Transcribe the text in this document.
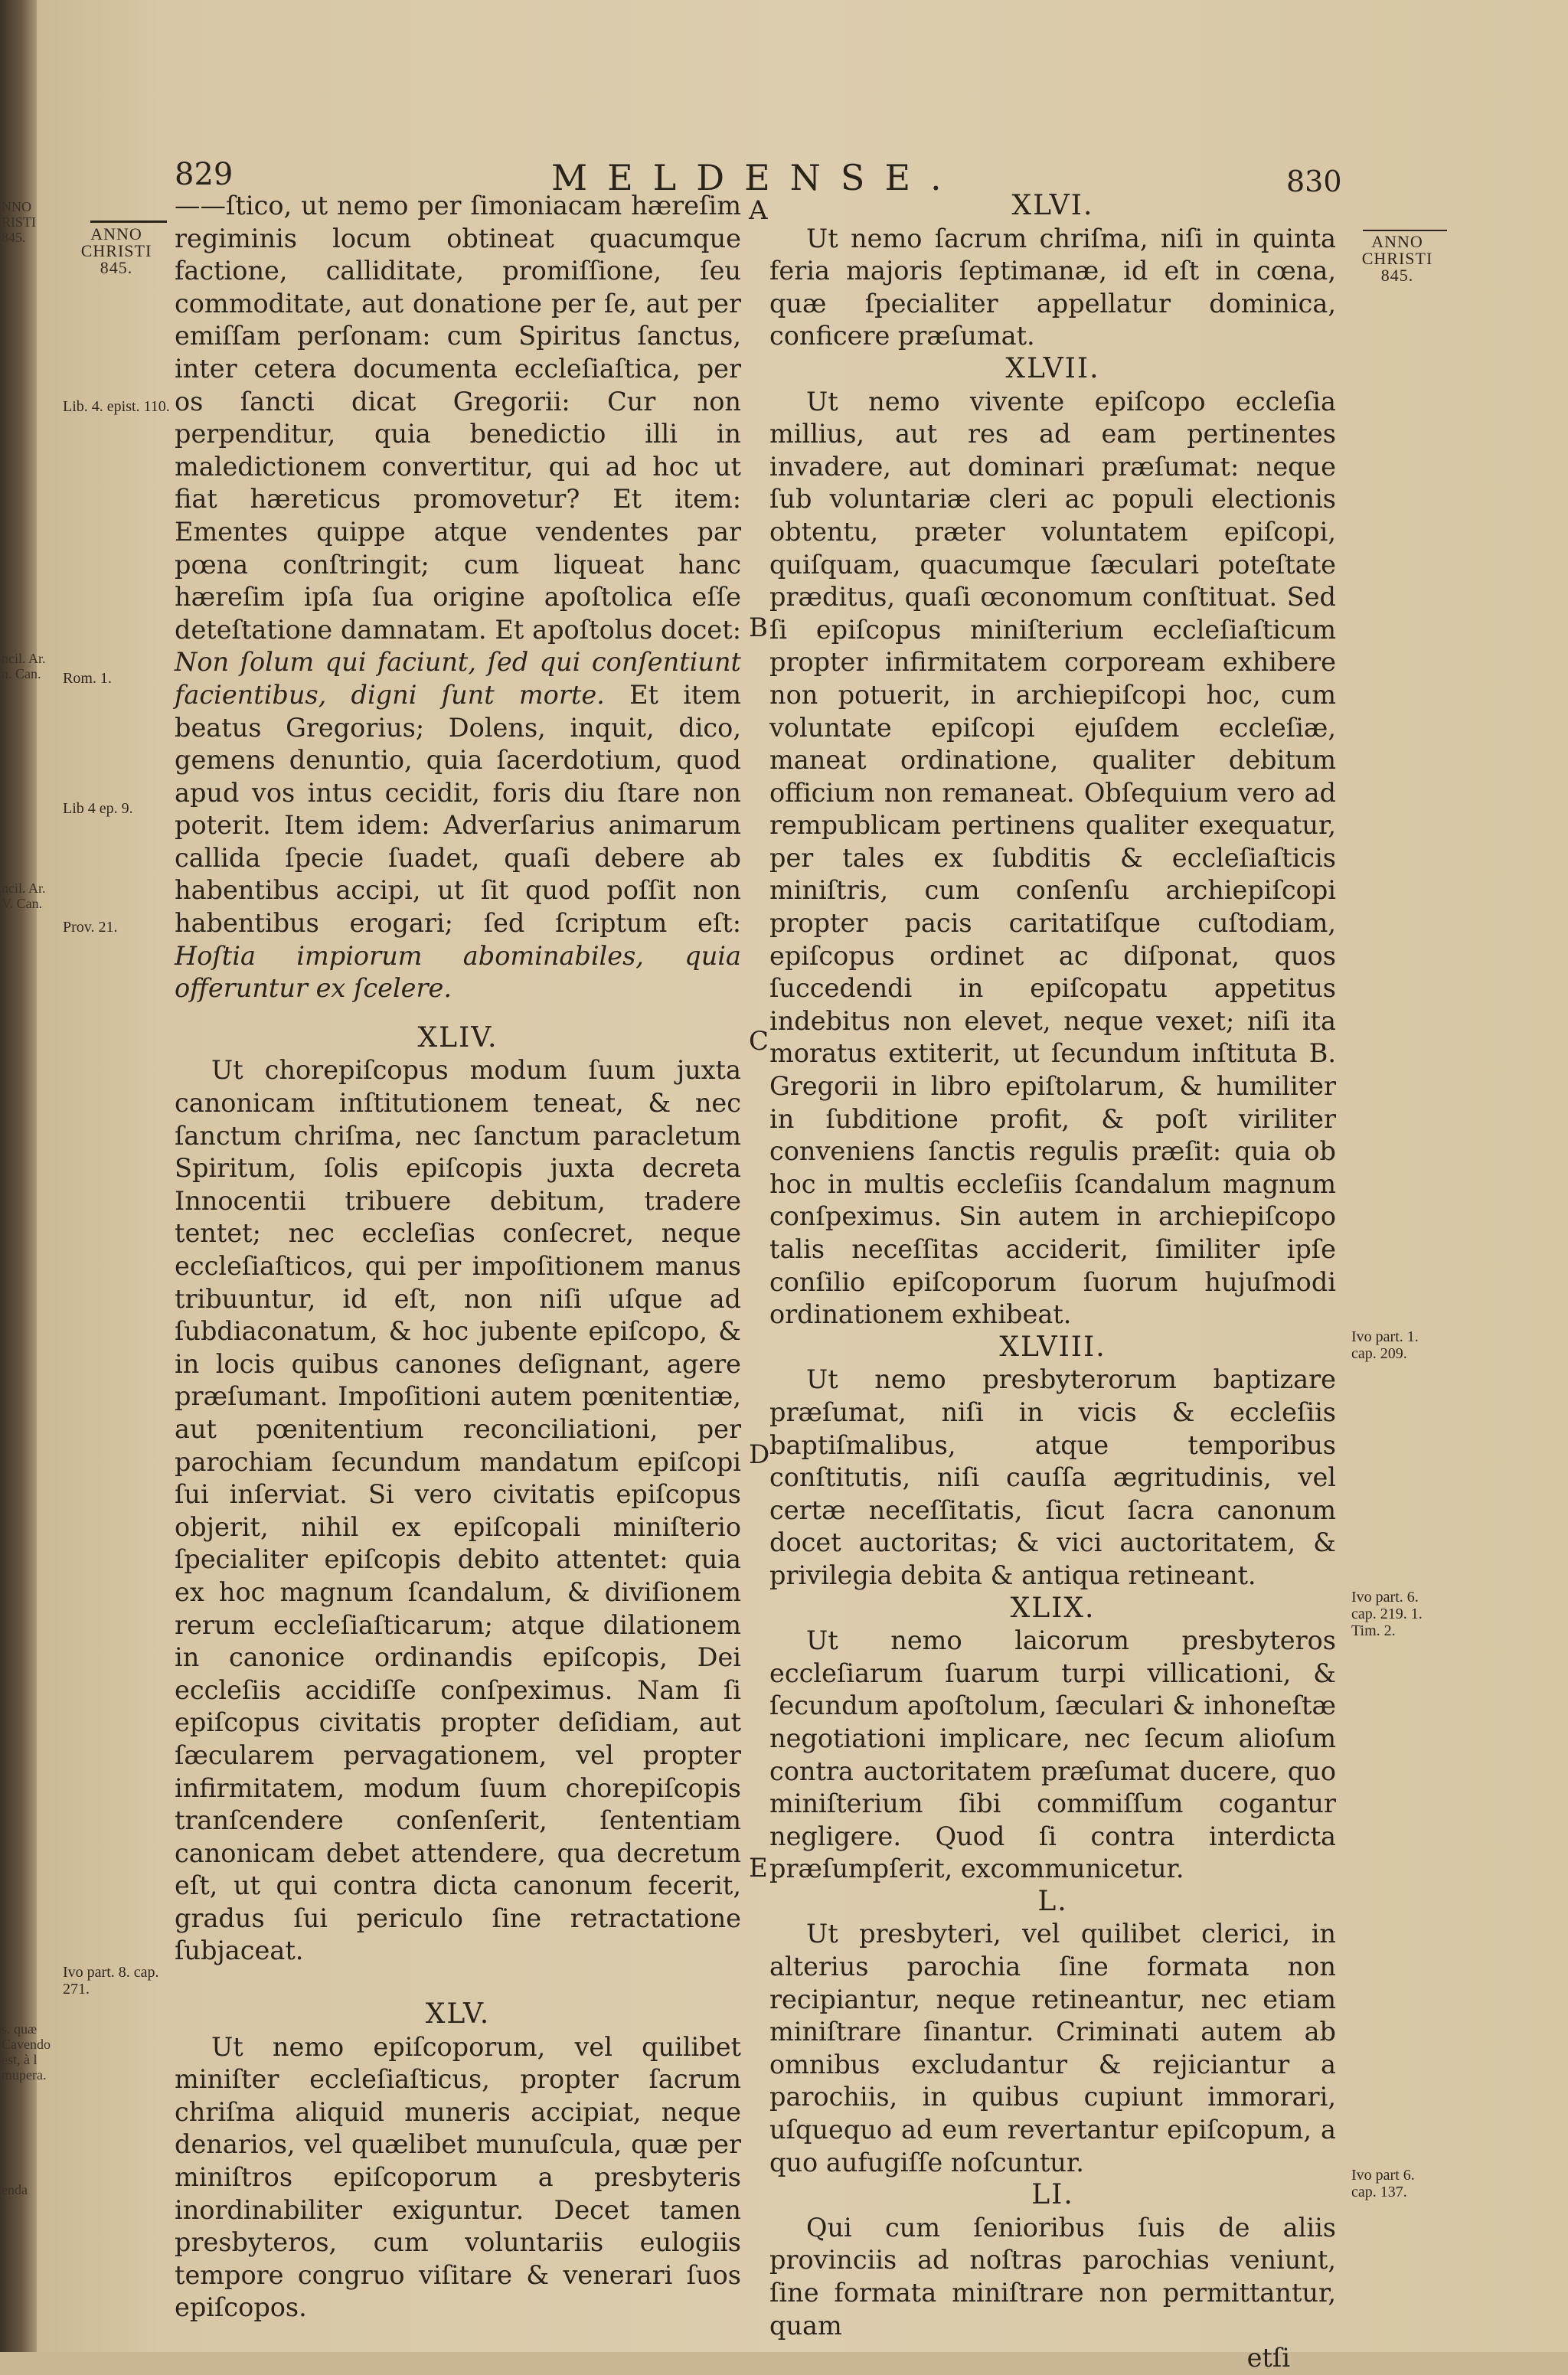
NNO RISTI 845.
ncil. Ar. n. Can.
ncil. Ar. V. Can.
s. quæ Cavendo est, à l mupera.
enda
829	MELDENSE.	830
ANNO
CHRISTI
845.
Lib. 4. epist. 110.
Rom. 1.
Lib 4 ep. 9.
Prov. 21.
Ivo part. 8. cap. 271.
ANNO
CHRISTI
845.
Ivo part. 1. cap. 209.
Ivo part. 6. cap. 219. 1. Tim. 2.
Ivo part 6. cap. 137.
A
B
C
D
E

——ſtico, ut nemo per ſimoniacam hæreſim regiminis locum obtineat quacumque factione, calliditate, promiſſione, ſeu commoditate, aut donatione per ſe, aut per emiſſam perſonam: cum Spiritus ſanctus, inter cetera documenta eccleſiaſtica, per os ſancti dicat Gregorii: Cur non perpenditur, quia benedictio illi in maledictionem convertitur, qui ad hoc ut fiat hæreticus promovetur? Et item: Ementes quippe atque vendentes par pœna conſtringit; cum liqueat hanc hæreſim ipſa ſua origine apoſtolica eſſe deteſtatione damnatam. Et apoſtolus docet: Non ſolum qui faciunt, ſed qui conſentiunt facientibus, digni ſunt morte. Et item beatus Gregorius; Dolens, inquit, dico, gemens denuntio, quia ſacerdotium, quod apud vos intus cecidit, foris diu ſtare non poterit. Item idem: Adverſarius animarum callida ſpecie ſuadet, quaſi debere ab habentibus accipi, ut ſit quod poſſit non habentibus erogari; ſed ſcriptum eſt: Hoſtia impiorum abominabiles, quia offeruntur ex ſcelere.

XLIV.

Ut chorepiſcopus modum ſuum juxta canonicam inſtitutionem teneat, & nec ſanctum chriſma, nec ſanctum paracletum Spiritum, ſolis epiſcopis juxta decreta Innocentii tribuere debitum, tradere tentet; nec eccleſias conſecret, neque eccleſiaſticos, qui per impoſitionem manus tribuuntur, id eſt, non niſi uſque ad ſubdiaconatum, & hoc jubente epiſcopo, & in locis quibus canones deſignant, agere præſumant. Impoſitioni autem pœnitentiæ, aut pœnitentium reconciliationi, per parochiam ſecundum mandatum epiſcopi ſui inſerviat. Si vero civitatis epiſcopus objerit, nihil ex epiſcopali miniſterio ſpecialiter epiſcopis debito attentet: quia ex hoc magnum ſcandalum, & diviſionem rerum eccleſiaſticarum; atque dilationem in canonice ordinandis epiſcopis, Dei eccleſiis accidiſſe conſpeximus. Nam ſi epiſcopus civitatis propter deſidiam, aut ſæcularem pervagationem, vel propter infirmitatem, modum ſuum chorepiſcopis tranſcendere conſenſerit, ſententiam canonicam debet attendere, qua decretum eſt, ut qui contra dicta canonum fecerit, gradus ſui periculo ſine retractatione ſubjaceat.

XLV.

Ut nemo epiſcoporum, vel quilibet miniſter eccleſiaſticus, propter ſacrum chriſma aliquid muneris accipiat, neque denarios, vel quælibet munuſcula, quæ per miniſtros epiſcoporum a presbyteris inordinabiliter exiguntur. Decet tamen presbyteros, cum voluntariis eulogiis tempore congruo viſitare & venerari ſuos epiſcopos.

XLVI.

Ut nemo ſacrum chriſma, niſi in quinta feria majoris ſeptimanæ, id eſt in cœna, quæ ſpecialiter appellatur dominica, conficere præſumat.

XLVII.

Ut nemo vivente epiſcopo eccleſia millius, aut res ad eam pertinentes invadere, aut dominari præſumat: neque ſub voluntariæ cleri ac populi electionis obtentu, præter voluntatem epiſcopi, quiſquam, quacumque ſæculari poteſtate præditus, quaſi œconomum conſtituat. Sed ſi epiſcopus miniſterium eccleſiaſticum propter infirmitatem corpoream exhibere non potuerit, in archiepiſcopi hoc, cum voluntate epiſcopi ejuſdem eccleſiæ, maneat ordinatione, qualiter debitum officium non remaneat. Obſequium vero ad rempublicam pertinens qualiter exequatur, per tales ex ſubditis & eccleſiaſticis miniſtris, cum conſenſu archiepiſcopi propter pacis caritatiſque cuſtodiam, epiſcopus ordinet ac diſponat, quos ſuccedendi in epiſcopatu appetitus indebitus non elevet, neque vexet; niſi ita moratus extiterit, ut ſecundum inſtituta B. Gregorii in libro epiſtolarum, & humiliter in ſubditione profit, & poſt viriliter conveniens ſanctis regulis præſit: quia ob hoc in multis eccleſiis ſcandalum magnum conſpeximus. Sin autem in archiepiſcopo talis neceſſitas acciderit, ſimiliter ipſe conſilio epiſcoporum ſuorum hujuſmodi ordinationem exhibeat.

XLVIII.

Ut nemo presbyterorum baptizare præſumat, niſi in vicis & eccleſiis baptiſmalibus, atque temporibus conſtitutis, niſi cauſſa ægritudinis, vel certæ neceſſitatis, ſicut ſacra canonum docet auctoritas; & vici auctoritatem, & privilegia debita & antiqua retineant.

XLIX.

Ut nemo laicorum presbyteros eccleſiarum ſuarum turpi villicationi, & ſecundum apoſtolum, ſæculari & inhoneſtæ negotiationi implicare, nec ſecum alioſum contra auctoritatem præſumat ducere, quo miniſterium ſibi commiſſum cogantur negligere. Quod ſi contra interdicta præſumpſerit, excommunicetur.

L.

Ut presbyteri, vel quilibet clerici, in alterius parochia ſine formata non recipiantur, neque retineantur, nec etiam miniſtrare ſinantur. Criminati autem ab omnibus excludantur & rejiciantur a parochiis, in quibus cupiunt immorari, uſquequo ad eum revertantur epiſcopum, a quo aufugiſſe noſcuntur.

LI.

Qui cum ſenioribus ſuis de aliis provinciis ad noſtras parochias veniunt, ſine formata miniſtrare non permittantur, quam

etſi
